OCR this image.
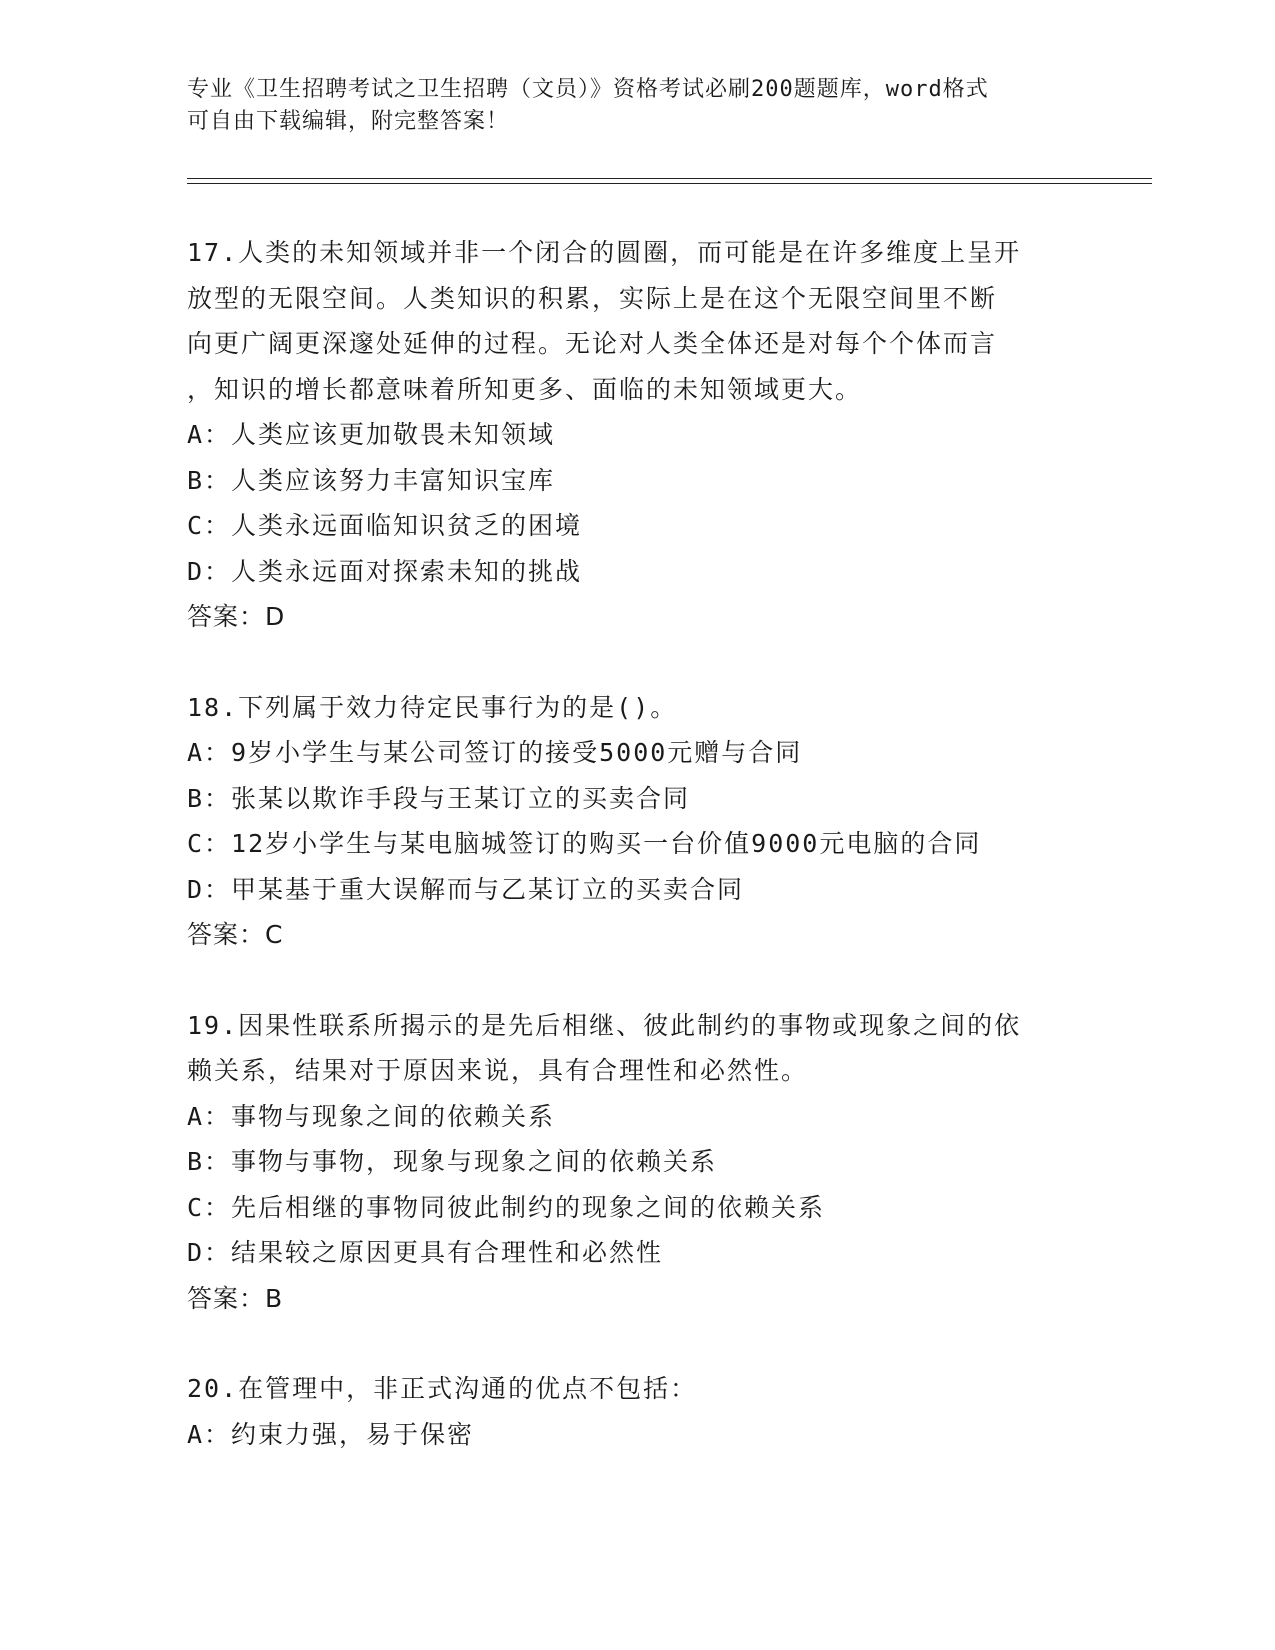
专业《卫生招聘考试之卫生招聘（文员）》资格考试必刷200题题库，word格式
可自由下载编辑，附完整答案！
17.人类的未知领域并非一个闭合的圆圈，而可能是在许多维度上呈开
放型的无限空间。人类知识的积累，实际上是在这个无限空间里不断
向更广阔更深邃处延伸的过程。无论对人类全体还是对每个个体而言
，知识的增长都意味着所知更多、面临的未知领域更大。
A：人类应该更加敬畏未知领域
B：人类应该努力丰富知识宝库
C：人类永远面临知识贫乏的困境
D：人类永远面对探索未知的挑战
答案：D
18.下列属于效力待定民事行为的是()。
A：9岁小学生与某公司签订的接受5000元赠与合同
B：张某以欺诈手段与王某订立的买卖合同
C：12岁小学生与某电脑城签订的购买一台价值9000元电脑的合同
D：甲某基于重大误解而与乙某订立的买卖合同
答案：C
19.因果性联系所揭示的是先后相继、彼此制约的事物或现象之间的依
赖关系，结果对于原因来说，具有合理性和必然性。
A：事物与现象之间的依赖关系
B：事物与事物，现象与现象之间的依赖关系
C：先后相继的事物同彼此制约的现象之间的依赖关系
D：结果较之原因更具有合理性和必然性
答案：B
20.在管理中，非正式沟通的优点不包括：
A：约束力强，易于保密
